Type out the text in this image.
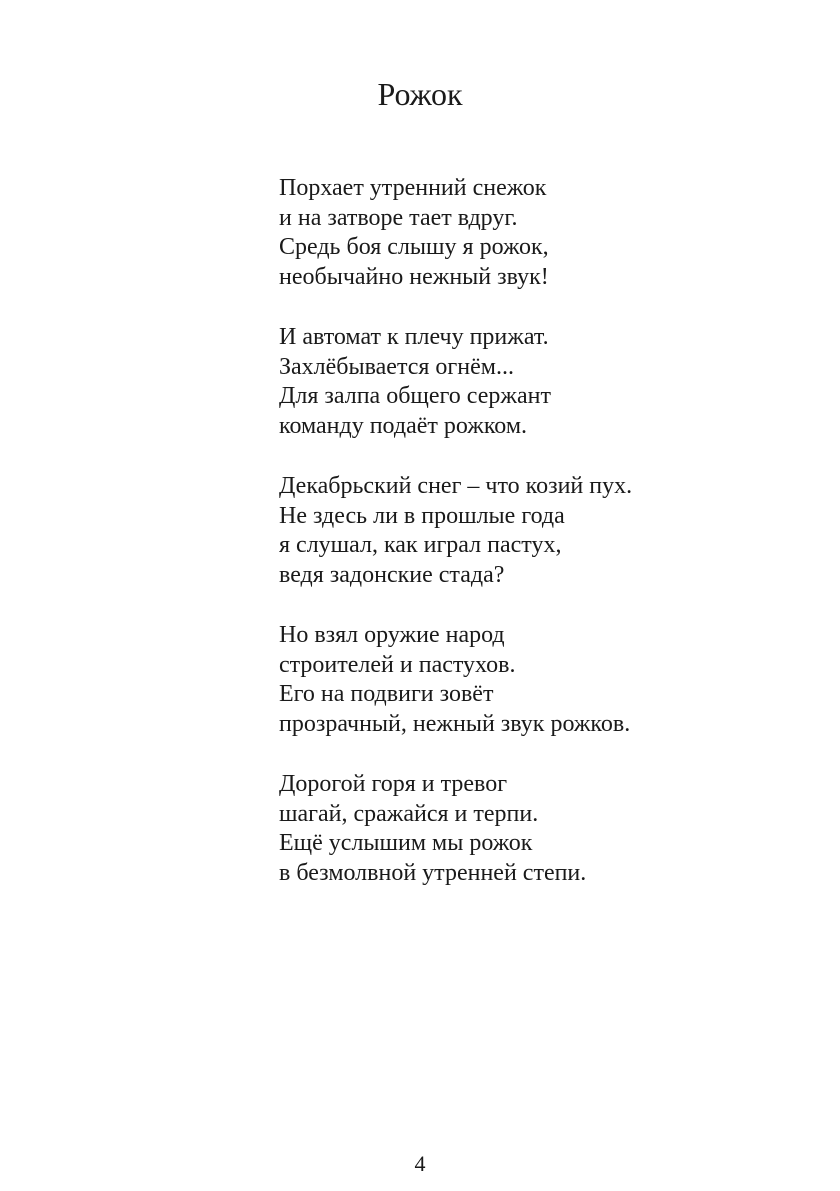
Рожок
Порхает утренний снежок
и на затворе тает вдруг.
Средь боя слышу я рожок,
необычайно нежный звук!
И автомат к плечу прижат.
Захлёбывается огнём...
Для залпа общего сержант
команду подаёт рожком.
Декабрьский снег – что козий пух.
Не здесь ли в прошлые года
я слушал, как играл пастух,
ведя задонские стада?
Но взял оружие народ
строителей и пастухов.
Его на подвиги зовёт
прозрачный, нежный звук рожков.
Дорогой горя и тревог
шагай, сражайся и терпи.
Ещё услышим мы рожок
в безмолвной утренней степи.
4
